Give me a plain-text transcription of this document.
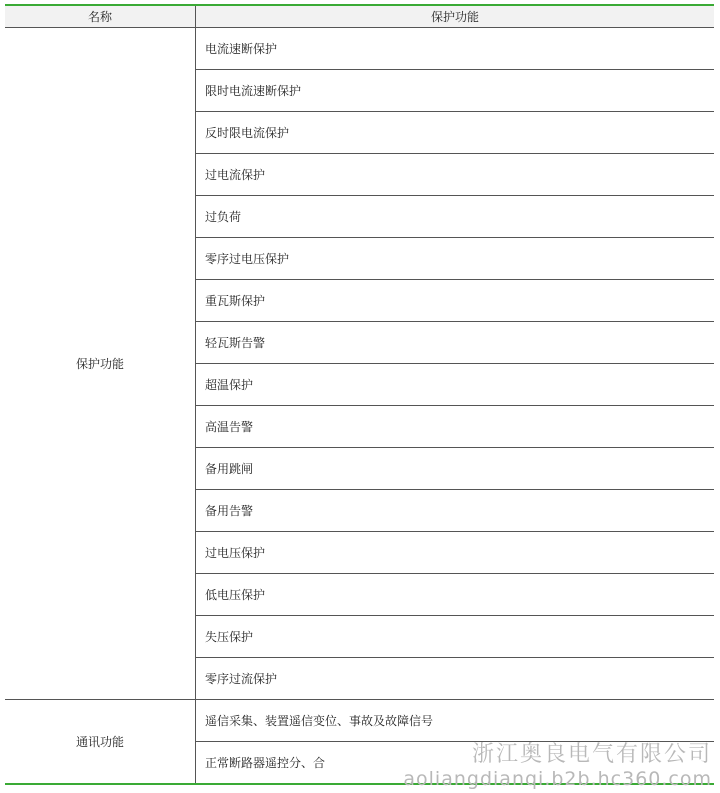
名称	保护功能
保护功能
电流速断保护
限时电流速断保护
反时限电流保护
过电流保护
过负荷
零序过电压保护
重瓦斯保护
轻瓦斯告警
超温保护
高温告警
备用跳闸
备用告警
过电压保护
低电压保护
失压保护
零序过流保护
通讯功能
遥信采集、装置遥信变位、事故及故障信号
正常断路器遥控分、合	浙江奥良电气有限公司
aoliangdianqi.b2b.hc360.com
